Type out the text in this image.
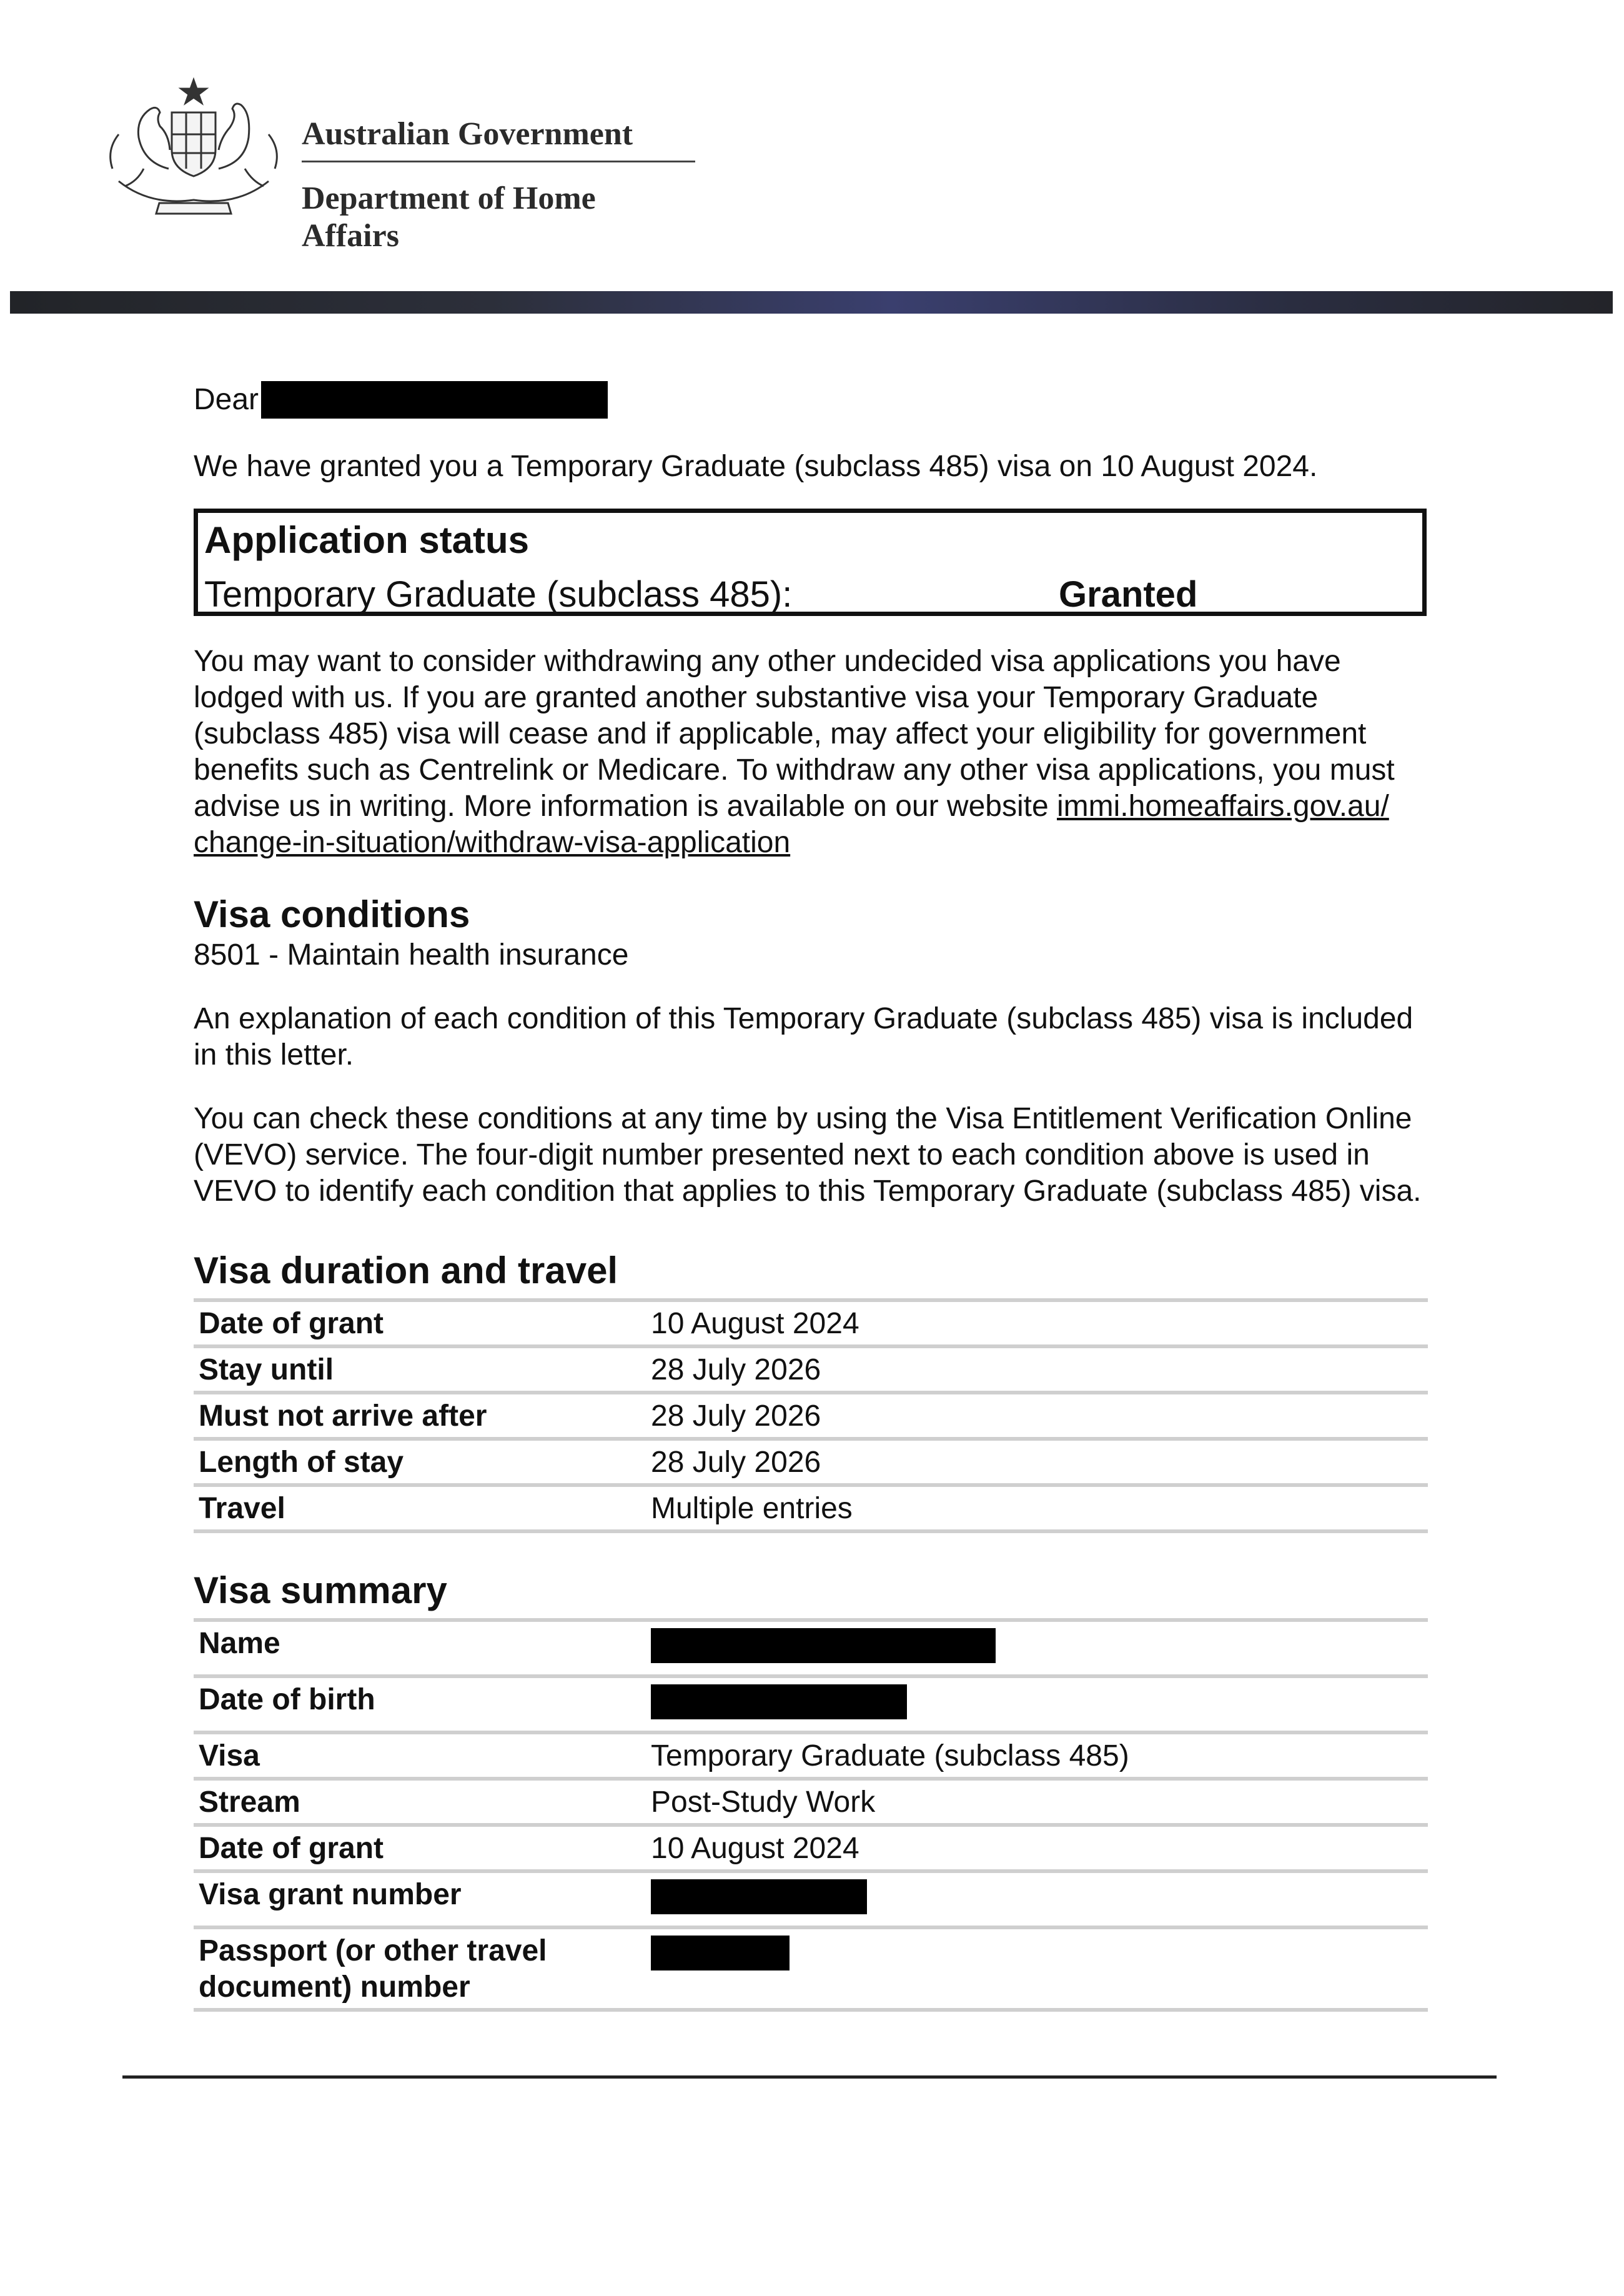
Australian Government
Department of Home Affairs
Dear
We have granted you a Temporary Graduate (subclass 485) visa on 10 August 2024.
Application status
Temporary Graduate (subclass 485):	Granted
You may want to consider withdrawing any other undecided visa applications you have lodged with us. If you are granted another substantive visa your Temporary Graduate (subclass 485) visa will cease and if applicable, may affect your eligibility for government benefits such as Centrelink or Medicare. To withdraw any other visa applications, you must advise us in writing. More information is available on our website immi.homeaffairs.gov.au/ change-in-situation/withdraw-visa-application
Visa conditions
8501 - Maintain health insurance
An explanation of each condition of this Temporary Graduate (subclass 485) visa is included in this letter.
You can check these conditions at any time by using the Visa Entitlement Verification Online (VEVO) service. The four-digit number presented next to each condition above is used in VEVO to identify each condition that applies to this Temporary Graduate (subclass 485) visa.
Visa duration and travel
Date of grant	10 August 2024
Stay until	28 July 2026
Must not arrive after	28 July 2026
Length of stay	28 July 2026
Travel	Multiple entries
Visa summary
Name
Date of birth
Visa	Temporary Graduate (subclass 485)
Stream	Post-Study Work
Date of grant	10 August 2024
Visa grant number
Passport (or other travel document) number
